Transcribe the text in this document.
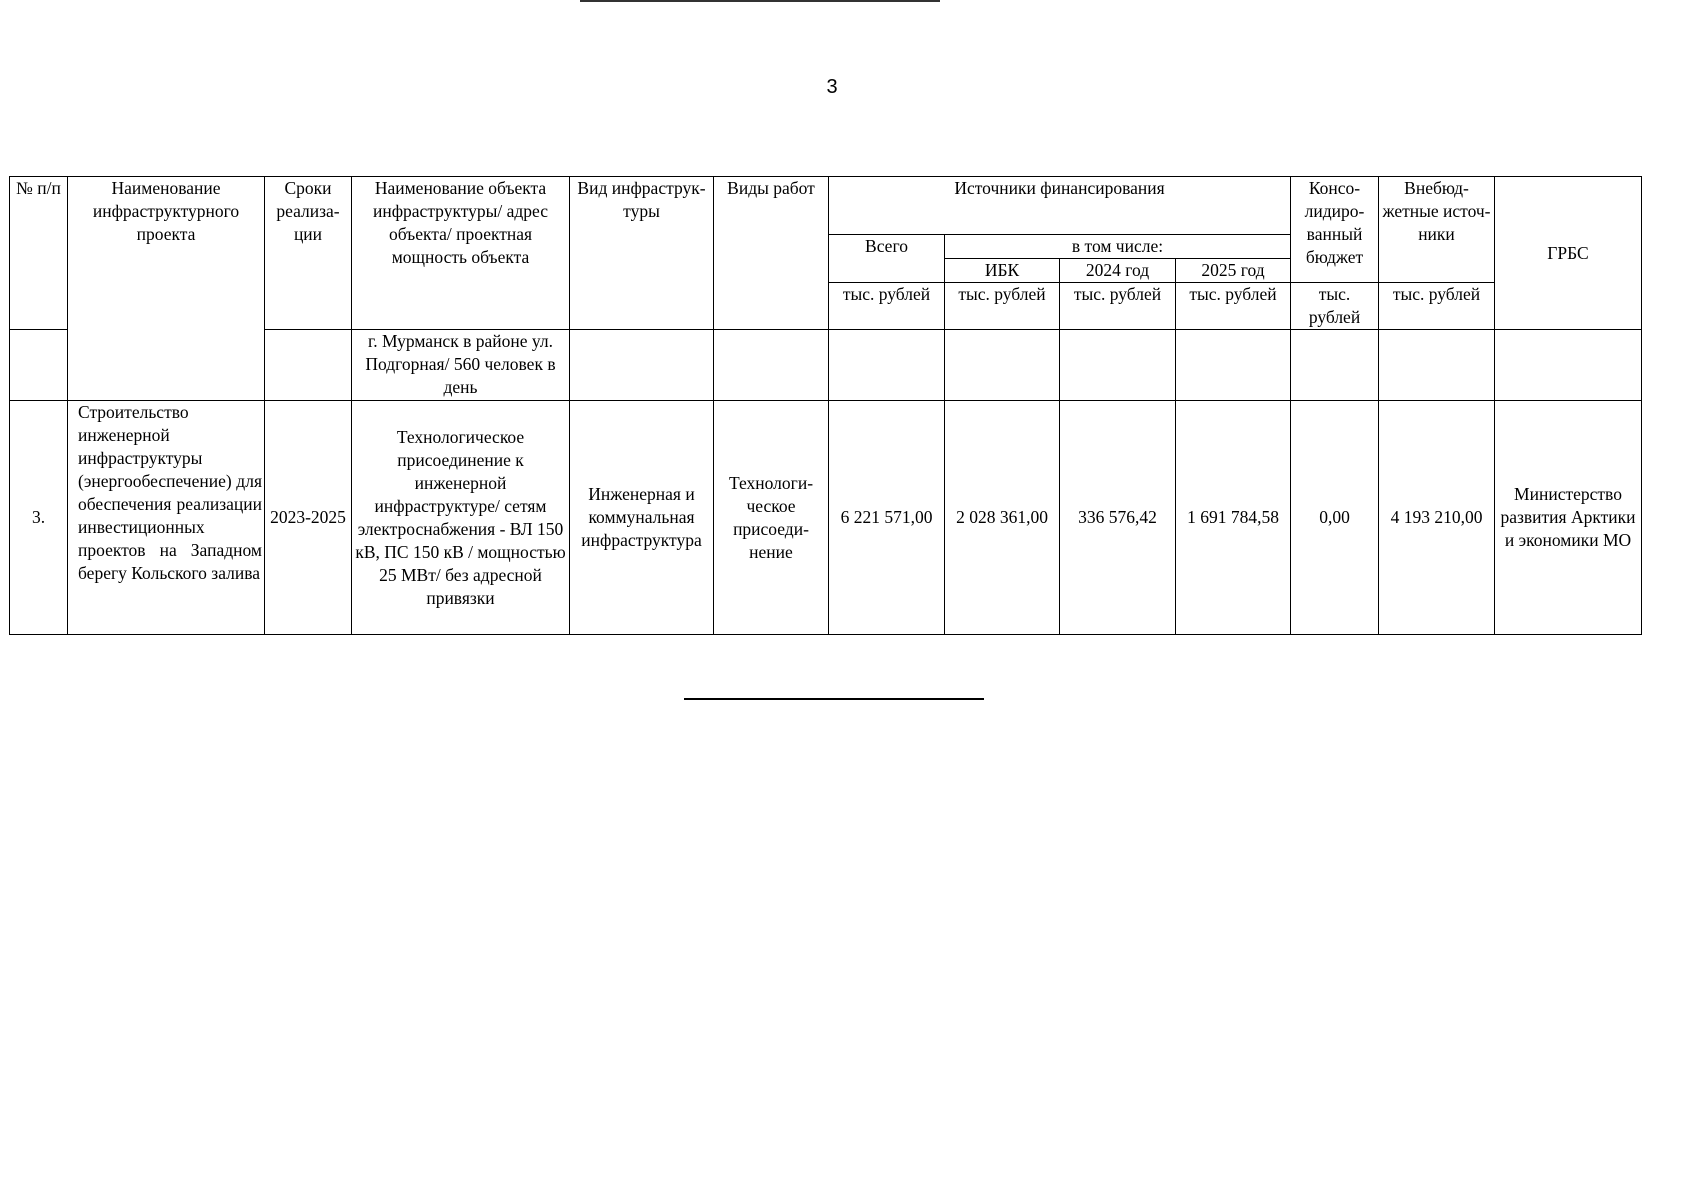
3
№ п/п	Наименование инфраструктурного проекта	Сроки реализа-ции	Наименование объекта инфраструктуры/ адрес объекта/ проектная мощность объекта	Вид инфраструк-туры	Виды работ	Источники финансирования				Консо-лидиро-ванный бюджет	Внебюд-жетные источ-ники	ГРБС
						Всего	в том числе:					
							ИБК	2024 год	2025 год			
						тыс. рублей	тыс. рублей	тыс. рублей	тыс. рублей	тыс. рублей	тыс. рублей	
			г. Мурманск в районе ул. Подгорная/ 560 человек в день									
3.	Строительство инженерной инфраструктуры (энергообеспечение) для обеспечения реализации инвестиционных проектов на Западном берегу Кольского залива	2023-2025	Технологическое присоединение к инженерной инфраструктуре/ сетям электроснабжения - ВЛ 150 кВ, ПС 150 кВ / мощностью 25 МВт/ без адресной привязки	Инженерная и коммунальная инфраструктура	Технологи-ческое присоеди-нение	6 221 571,00	2 028 361,00	336 576,42	1 691 784,58	0,00	4 193 210,00	Министерство развития Арктики и экономики МО
